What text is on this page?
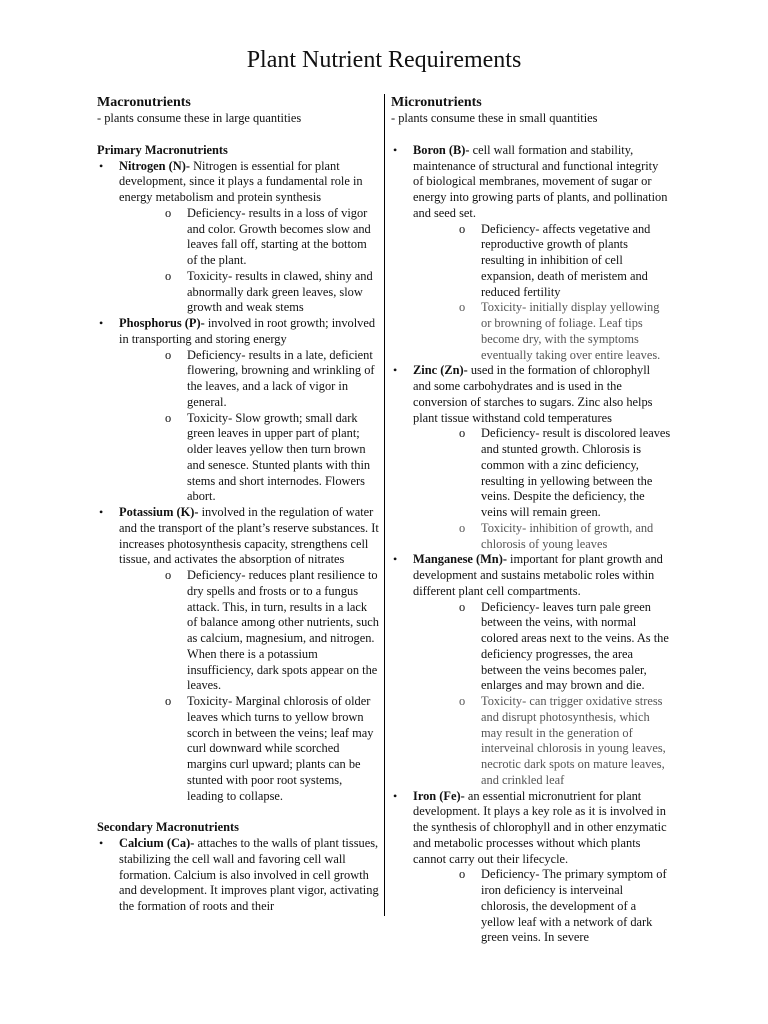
Plant Nutrient Requirements
Macronutrients
- plants consume these in large quantities
Primary Macronutrients
• Nitrogen (N)- Nitrogen is essential for plant development, since it plays a fundamental role in energy metabolism and protein synthesis
o Deficiency- results in a loss of vigor and color. Growth becomes slow and leaves fall off, starting at the bottom of the plant.
o Toxicity- results in clawed, shiny and abnormally dark green leaves, slow growth and weak stems
• Phosphorus (P)- involved in root growth; involved in transporting and storing energy
o Deficiency- results in a late, deficient flowering, browning and wrinkling of the leaves, and a lack of vigor in general.
o Toxicity- Slow growth; small dark green leaves in upper part of plant; older leaves yellow then turn brown and senesce. Stunted plants with thin stems and short internodes. Flowers abort.
• Potassium (K)- involved in the regulation of water and the transport of the plant’s reserve substances. It increases photosynthesis capacity, strengthens cell tissue, and activates the absorption of nitrates
o Deficiency- reduces plant resilience to dry spells and frosts or to a fungus attack. This, in turn, results in a lack of balance among other nutrients, such as calcium, magnesium, and nitrogen. When there is a potassium insufficiency, dark spots appear on the leaves.
o Toxicity- Marginal chlorosis of older leaves which turns to yellow brown scorch in between the veins; leaf may curl downward while scorched margins curl upward; plants can be stunted with poor root systems, leading to collapse.
Secondary Macronutrients
• Calcium (Ca)- attaches to the walls of plant tissues, stabilizing the cell wall and favoring cell wall formation. Calcium is also involved in cell growth and development. It improves plant vigor, activating the formation of roots and their
Micronutrients
- plants consume these in small quantities
• Boron (B)- cell wall formation and stability, maintenance of structural and functional integrity of biological membranes, movement of sugar or energy into growing parts of plants, and pollination and seed set.
o Deficiency- affects vegetative and reproductive growth of plants resulting in inhibition of cell expansion, death of meristem and reduced fertility
o Toxicity- initially display yellowing or browning of foliage. Leaf tips become dry, with the symptoms eventually taking over entire leaves.
• Zinc (Zn)- used in the formation of chlorophyll and some carbohydrates and is used in the conversion of starches to sugars. Zinc also helps plant tissue withstand cold temperatures
o Deficiency- result is discolored leaves and stunted growth. Chlorosis is common with a zinc deficiency, resulting in yellowing between the veins. Despite the deficiency, the veins will remain green.
o Toxicity- inhibition of growth, and chlorosis of young leaves
• Manganese (Mn)- important for plant growth and development and sustains metabolic roles within different plant cell compartments.
o Deficiency- leaves turn pale green between the veins, with normal colored areas next to the veins. As the deficiency progresses, the area between the veins becomes paler, enlarges and may brown and die.
o Toxicity- can trigger oxidative stress and disrupt photosynthesis, which may result in the generation of interveinal chlorosis in young leaves, necrotic dark spots on mature leaves, and crinkled leaf
• Iron (Fe)- an essential micronutrient for plant development. It plays a key role as it is involved in the synthesis of chlorophyll and in other enzymatic and metabolic processes without which plants cannot carry out their lifecycle.
o Deficiency- The primary symptom of iron deficiency is interveinal chlorosis, the development of a yellow leaf with a network of dark green veins. In severe
